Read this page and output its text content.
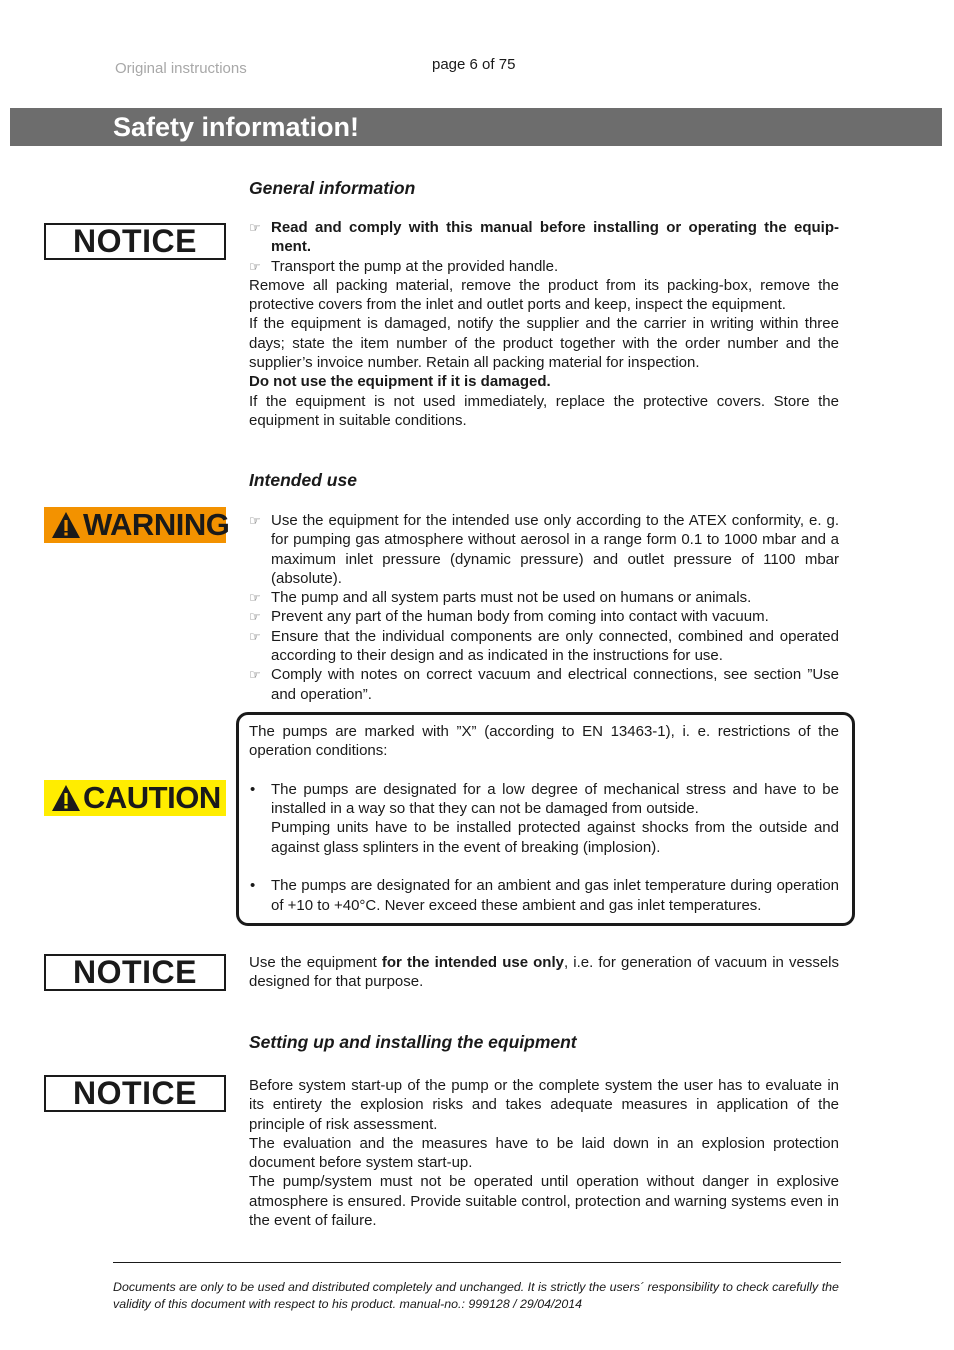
Original instructions	page 6 of 75
Safety information!
General information
NOTICE	☞ Read and comply with this manual before installing or operating the equipment.
☞ Transport the pump at the provided handle.

Remove all packing material, remove the product from its packing-box, remove the protective covers from the inlet and outlet ports and keep, inspect the equipment.

If the equipment is damaged, notify the supplier and the carrier in writing within three days; state the item number of the product together with the order number and the supplier’s invoice number. Retain all packing material for inspection.

Do not use the equipment if it is damaged.

If the equipment is not used immediately, replace the protective covers. Store the equipment in suitable conditions.

Intended use
WARNING ☞ Use the equipment for the intended use only according to the ATEX conformity, e. g. for pumping gas atmosphere without aerosol in a range form 0.1 to 1000 mbar and a maximum inlet pressure (dynamic pressure) and outlet pressure of 1100 mbar (absolute).
☞ The pump and all system parts must not be used on humans or animals.
☞ Prevent any part of the human body from coming into contact with vacuum.
☞ Ensure that the individual components are only connected, combined and operated according to their design and as indicated in the instructions for use.
☞ Comply with notes on correct vacuum and electrical connections, see section ”Use and operation”.
CAUTION

The pumps are marked with ”X” (according to EN 13463-1), i. e. restrictions of the operation conditions:

• The pumps are designated for a low degree of mechanical stress and have to be installed in a way so that they can not be damaged from outside.

Pumping units have to be installed protected against shocks from the outside and against glass splinters in the event of breaking (implosion).

• The pumps are designated for an ambient and gas inlet temperature during operation of +10 to +40°C. Never exceed these ambient and gas inlet temperatures.

NOTICE	Use the equipment for the intended use only, i.e. for generation of vacuum in vessels designed for that purpose.

Setting up and installing the equipment
NOTICE	Before system start-up of the pump or the complete system the user has to evaluate in its entirety the explosion risks and takes adequate measures in application of the principle of risk assessment.

The evaluation and the measures have to be laid down in an explosion protection document before system start-up.

The pump/system must not be operated until operation without danger in explosive atmosphere is ensured. Provide suitable control, protection and warning systems even in the event of failure.

Documents are only to be used and distributed completely and unchanged. It is strictly the users´ responsibility to check carefully the validity of this document with respect to his product. manual-no.: 999128 / 29/04/2014
